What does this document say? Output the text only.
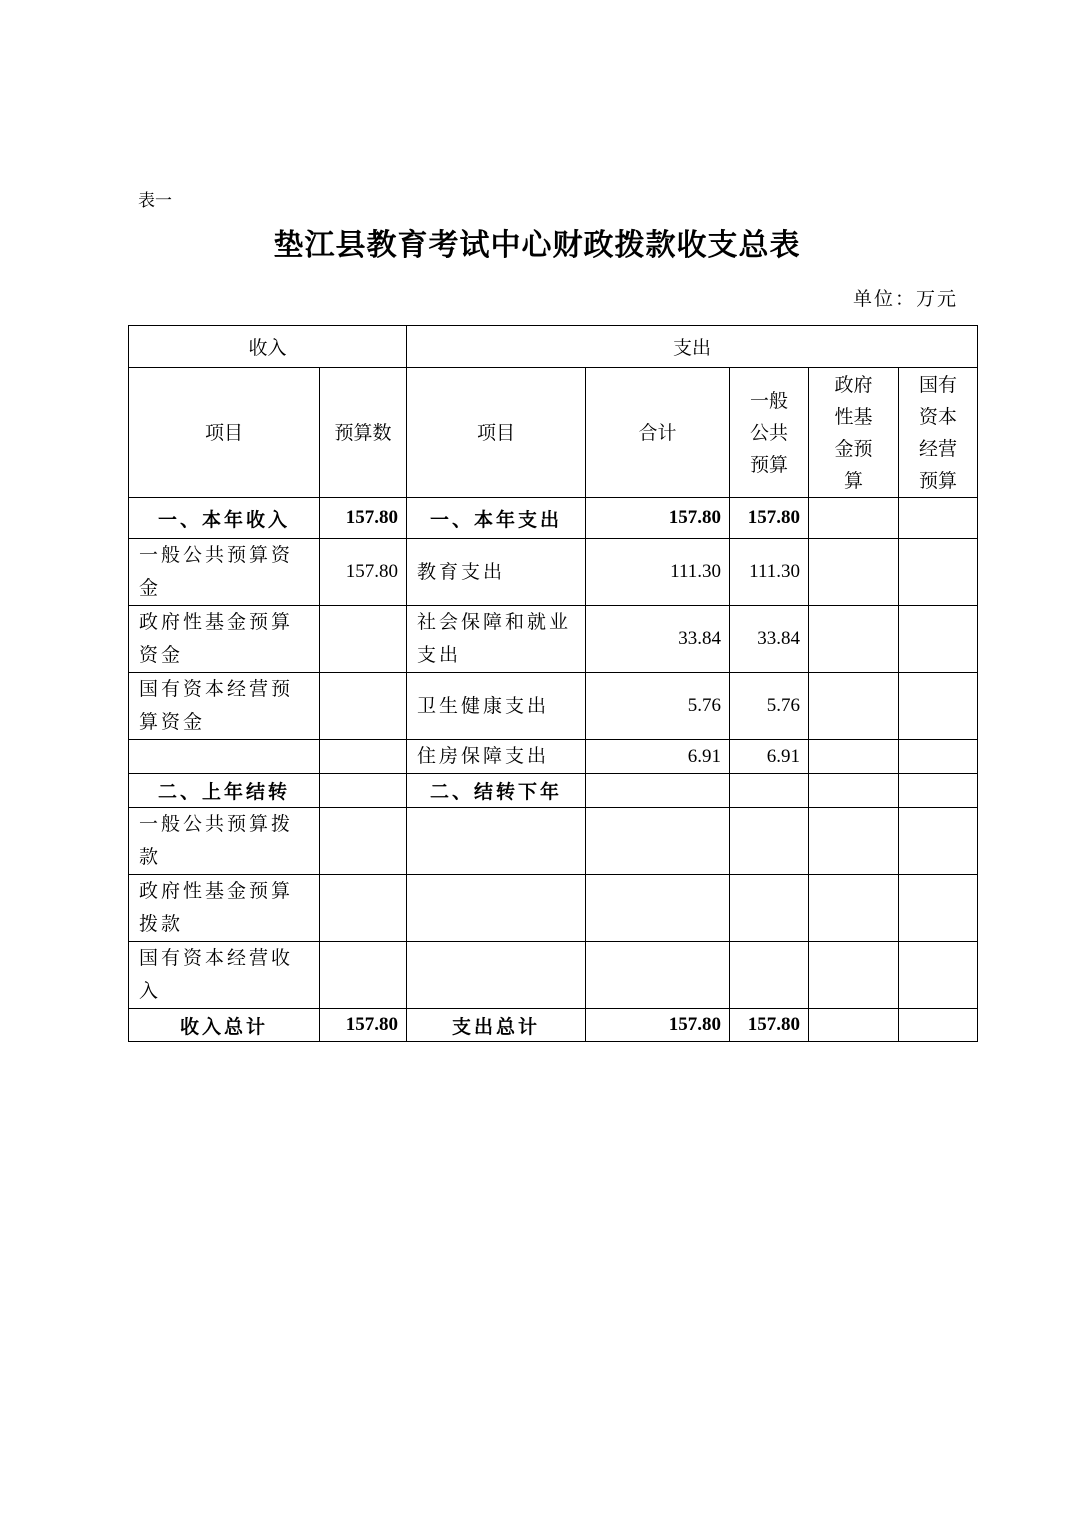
表一
垫江县教育考试中心财政拨款收支总表
单位：万元
收入		支出				
项目	预算数	项目	合计	一般公共预算	政府性基金预算	国有资本经营预算
一、本年收入	157.80	一、本年支出	157.80	157.80		
一般公共预算资金	157.80	教育支出	111.30	111.30		
政府性基金预算资金		社会保障和就业支出	33.84	33.84		
国有资本经营预算资金		卫生健康支出	5.76	5.76		
		住房保障支出	6.91	6.91		
二、上年结转		二、结转下年				
一般公共预算拨款						
政府性基金预算拨款						
国有资本经营收入						
收入总计	157.80	支出总计	157.80	157.80		
